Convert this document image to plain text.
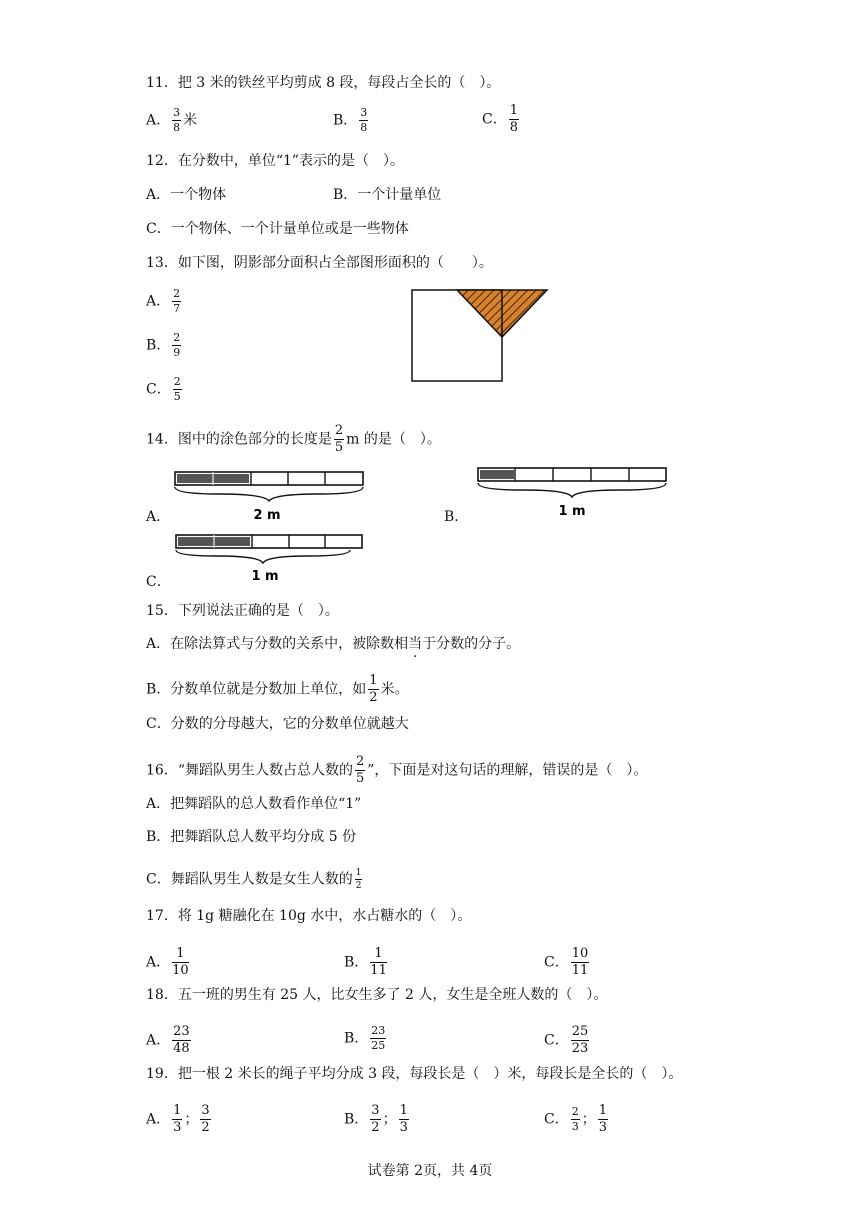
11．把 3 米的铁丝平均剪成 8 段，每段占全长的（　）。
A． $\frac{3}{8}$ 米	B． $\frac{3}{8}$	C． $\frac{1}{8}$
12．在分数中，单位“1”表示的是（　）。
A．一个物体	B．一个计量单位
C．一个物体、一个计量单位或是一些物体
13．如下图，阴影部分面积占全部图形面积的（　　）。
A． $\frac{2}{7}$
B． $\frac{2}{9}$
C． $\frac{2}{5}$
14．图中的涂色部分的长度是 $\frac{2}{5}$ m 的是（　）。
A．	2 m	B．	1 m
C．	1 m
15．下列说法正确的是（　）。
A．在除法算式与分数的关系中，被除数相当于分数的分子。
B．分数单位就是分数加上单位，如 $\frac{1}{2}$ 米。
C．分数的分母越大，它的分数单位就越大
16．“舞蹈队男生人数占总人数的 $\frac{2}{5}$ ”，下面是对这句话的理解，错误的是（　）。
A．把舞蹈队的总人数看作单位“1”
B．把舞蹈队总人数平均分成 5 份
C．舞蹈队男生人数是女生人数的 $\frac{1}{2}$
17．将 1g 糖融化在 10g 水中，水占糖水的（　）。
A． $\frac{1}{10}$	B． $\frac{1}{11}$	C． $\frac{10}{11}$
18．五一班的男生有 25 人，比女生多了 2 人，女生是全班人数的（　）。
A． $\frac{23}{48}$	B． $\frac{23}{25}$	C． $\frac{25}{23}$
19．把一根 2 米长的绳子平均分成 3 段，每段长是（　）米，每段长是全长的（　）。
A． $\frac{1}{3}$ ； $\frac{3}{2}$	B． $\frac{3}{2}$ ； $\frac{1}{3}$	C． $\frac{2}{3}$ ； $\frac{1}{3}$
试卷第 2页，共 4页
